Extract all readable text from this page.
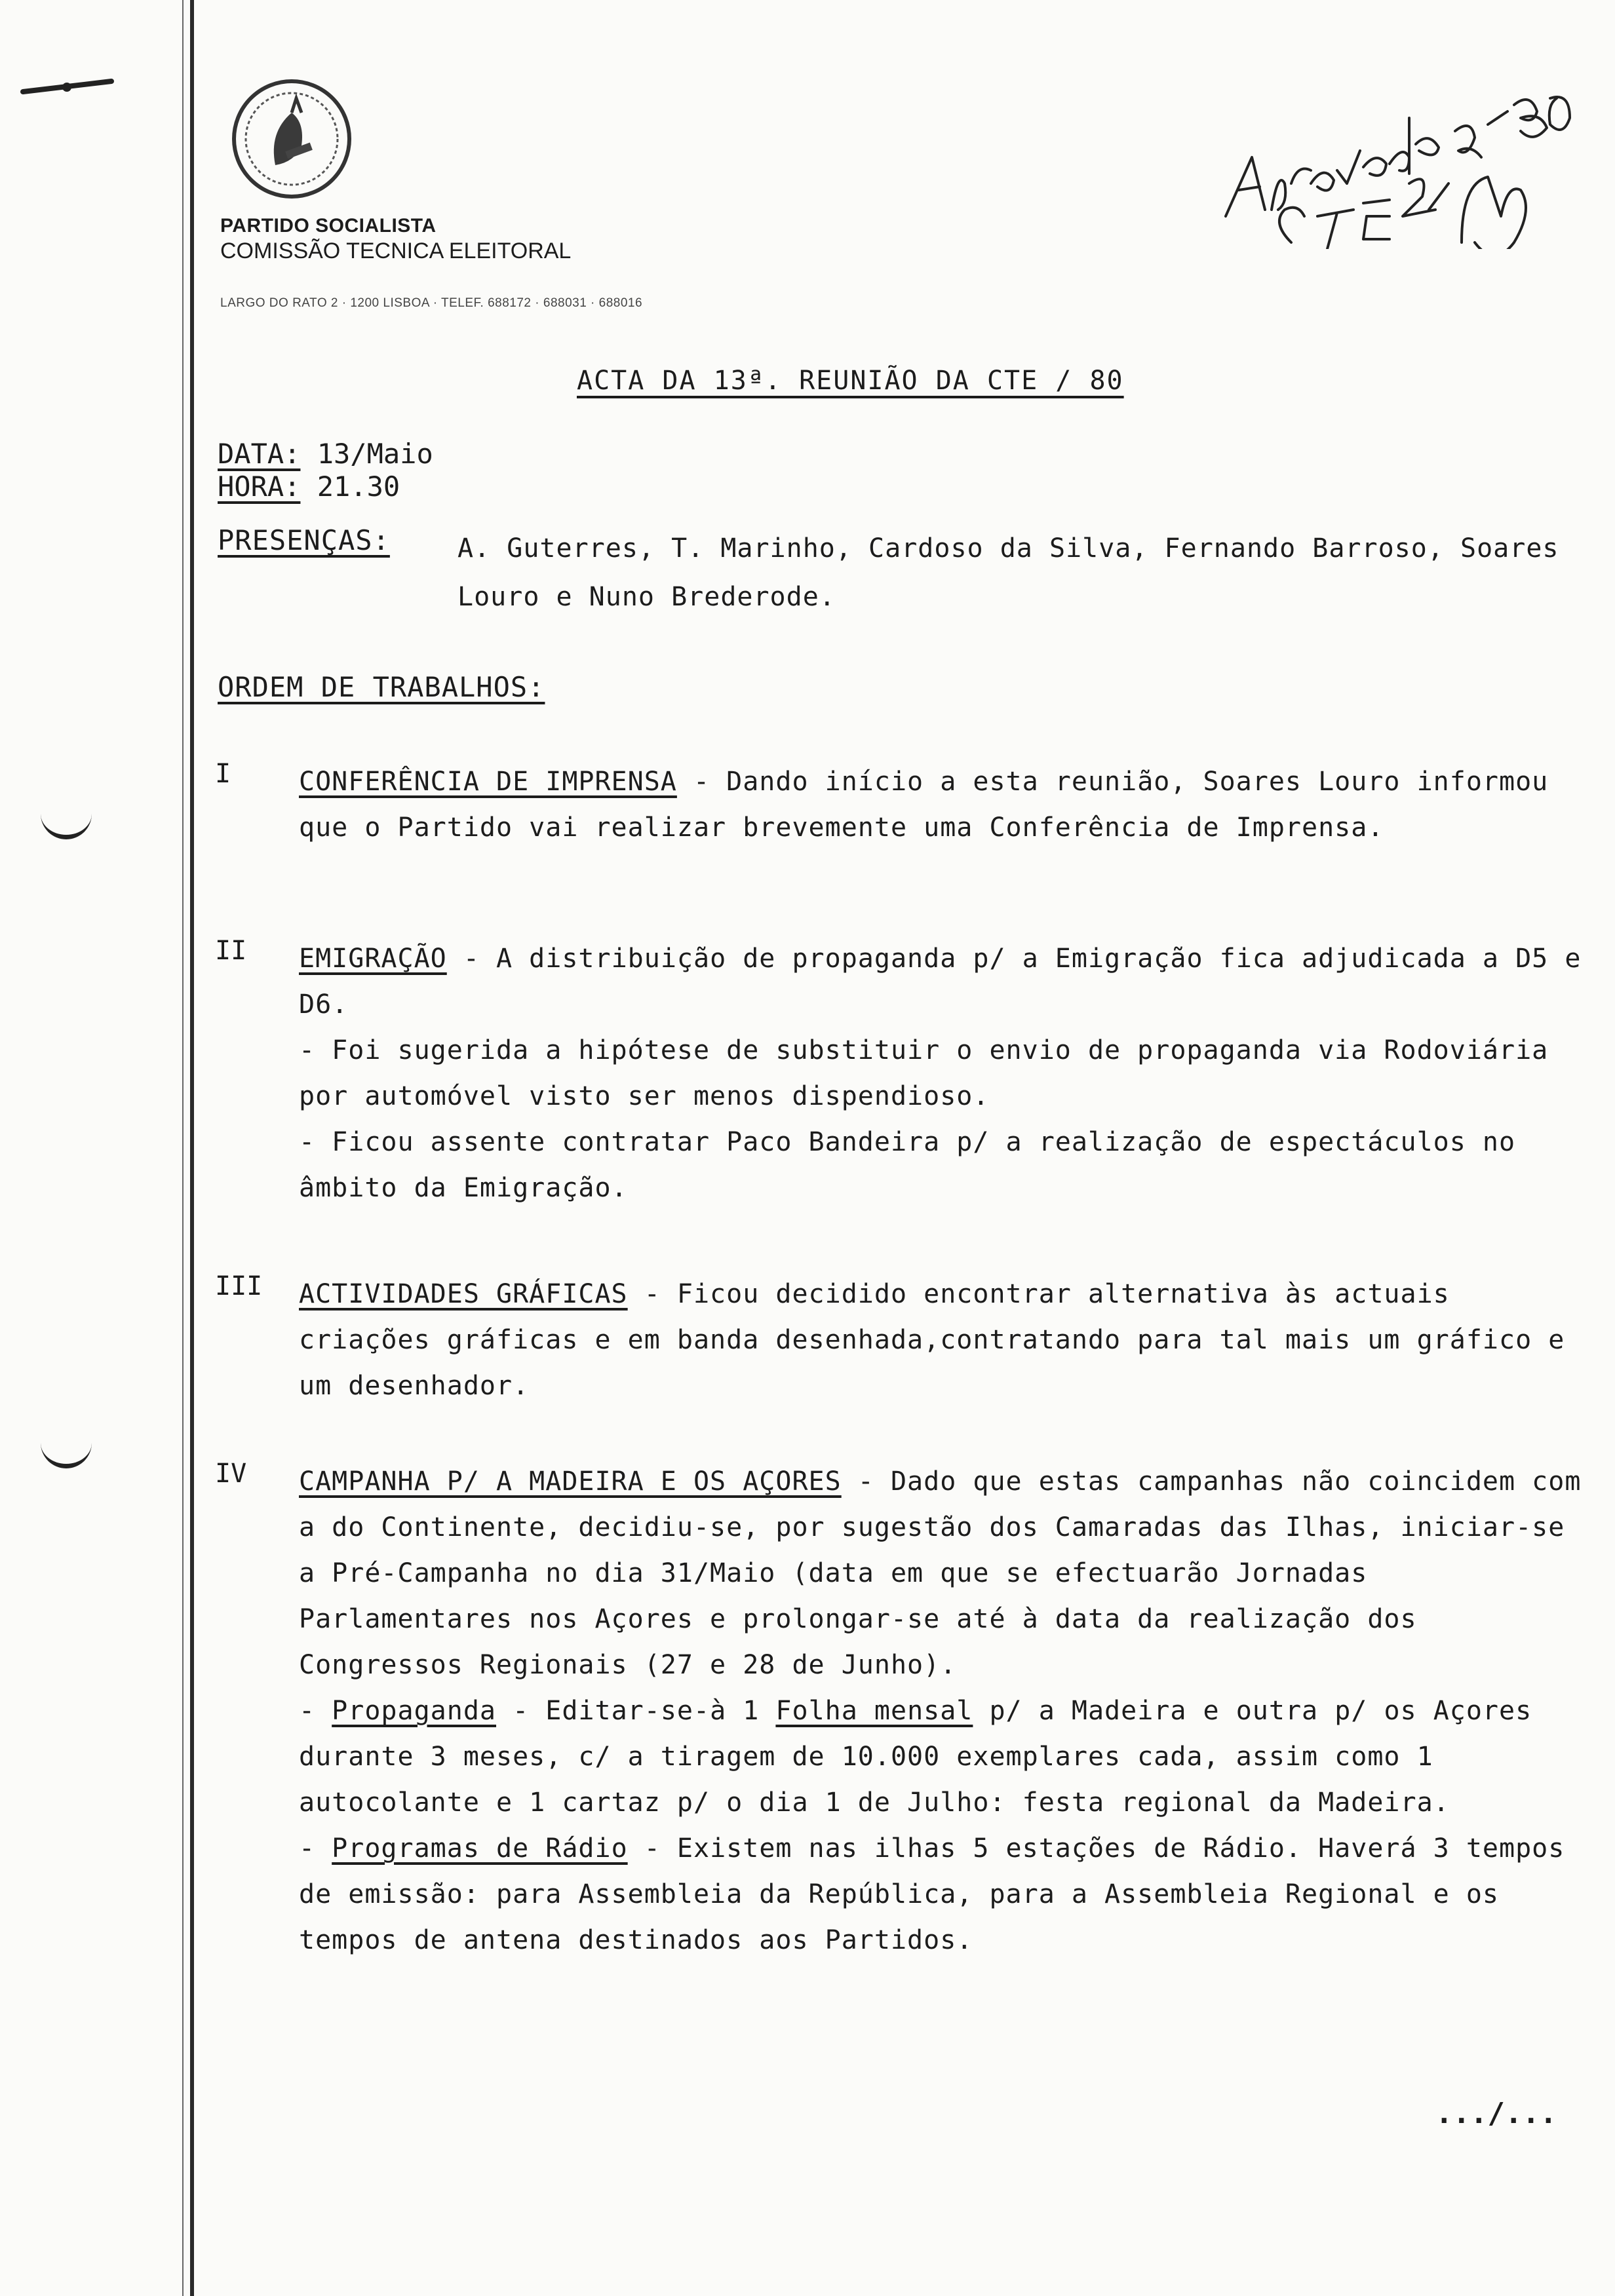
PARTIDO SOCIALISTA
COMISSÃO TECNICA ELEITORAL
LARGO DO RATO 2 · 1200 LISBOA · TELEF. 688172 · 688031 · 688016
Aprovado
ACTA DA 13ª. REUNIÃO DA CTE / 80
DATA: 13/Maio
HORA: 21.30
PRESENÇAS:	A. Guterres, T. Marinho, Cardoso da Silva, Fernando Barroso, Soares Louro e Nuno Brederode.
ORDEM DE TRABALHOS:
I	CONFERÊNCIA DE IMPRENSA - Dando início a esta reunião, Soares Louro informou que o Partido vai realizar brevemente uma Conferência de Imprensa.

II EMIGRAÇÃO - A distribuição de propaganda p/ a Emigração fica adjudicada a D5 e D6.

- Foi sugerida a hipótese de substituir o envio de propaganda via Rodoviária por automóvel visto ser menos dispendioso.

- Ficou assente contratar Paco Bandeira p/ a realização de espectáculos no âmbito da Emigração.

III ACTIVIDADES GRÁFICAS - Ficou decidido encontrar alternativa às actuais criações gráficas e em banda desenhada,contratando para tal mais um gráfico e um desenhador.

IV CAMPANHA P/ A MADEIRA E OS AÇORES - Dado que estas campanhas não coincidem com a do Continente, decidiu-se, por sugestão dos Camaradas das Ilhas, iniciar-se a Pré-Campanha no dia 31/Maio (data em que se efectuarão Jornadas Parlamentares nos Açores e prolongar-se até à data da realização dos Congressos Regionais (27 e 28 de Junho).

- Propaganda - Editar-se-à 1 Folha mensal p/ a Madeira e outra p/ os Açores durante 3 meses, c/ a tiragem de 10.000 exemplares cada, assim como 1 autocolante e 1 cartaz p/ o dia 1 de Julho: festa regional da Madeira.

- Programas de Rádio - Existem nas ilhas 5 estações de Rádio. Haverá 3 tempos de emissão: para Assembleia da República, para a Assembleia Regional e os tempos de antena destinados aos Partidos.

.../...
